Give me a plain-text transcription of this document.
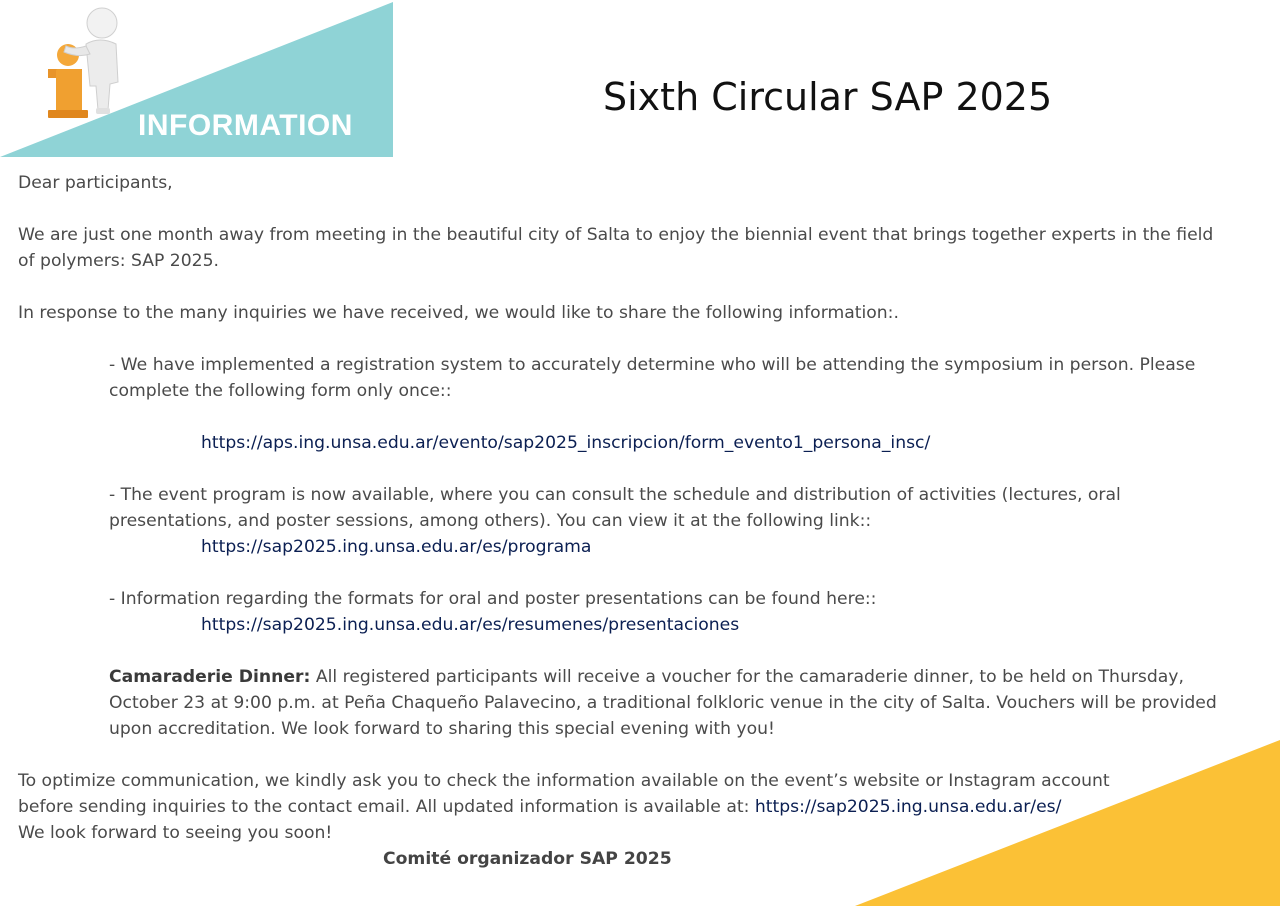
INFORMATION
Sixth Circular SAP 2025

Dear participants,

We are just one month away from meeting in the beautiful city of Salta to enjoy the biennial event that brings together experts in the field of polymers: SAP 2025.

In response to the many inquiries we have received, we would like to share the following information:.

- We have implemented a registration system to accurately determine who will be attending the symposium in person. Please complete the following form only once::

https://aps.ing.unsa.edu.ar/evento/sap2025_inscripcion/form_evento1_persona_insc/

- The event program is now available, where you can consult the schedule and distribution of activities (lectures, oral presentations, and poster sessions, among others). You can view it at the following link::

https://sap2025.ing.unsa.edu.ar/es/programa

- Information regarding the formats for oral and poster presentations can be found here::

https://sap2025.ing.unsa.edu.ar/es/resumenes/presentaciones

Camaraderie Dinner: All registered participants will receive a voucher for the camaraderie dinner, to be held on Thursday, October 23 at 9:00 p.m. at Peña Chaqueño Palavecino, a traditional folkloric venue in the city of Salta. Vouchers will be provided upon accreditation. We look forward to sharing this special evening with you!

To optimize communication, we kindly ask you to check the information available on the event’s website or Instagram account

before sending inquiries to the contact email. All updated information is available at: https://sap2025.ing.unsa.edu.ar/es/

We look forward to seeing you soon!

Comité organizador SAP 2025
